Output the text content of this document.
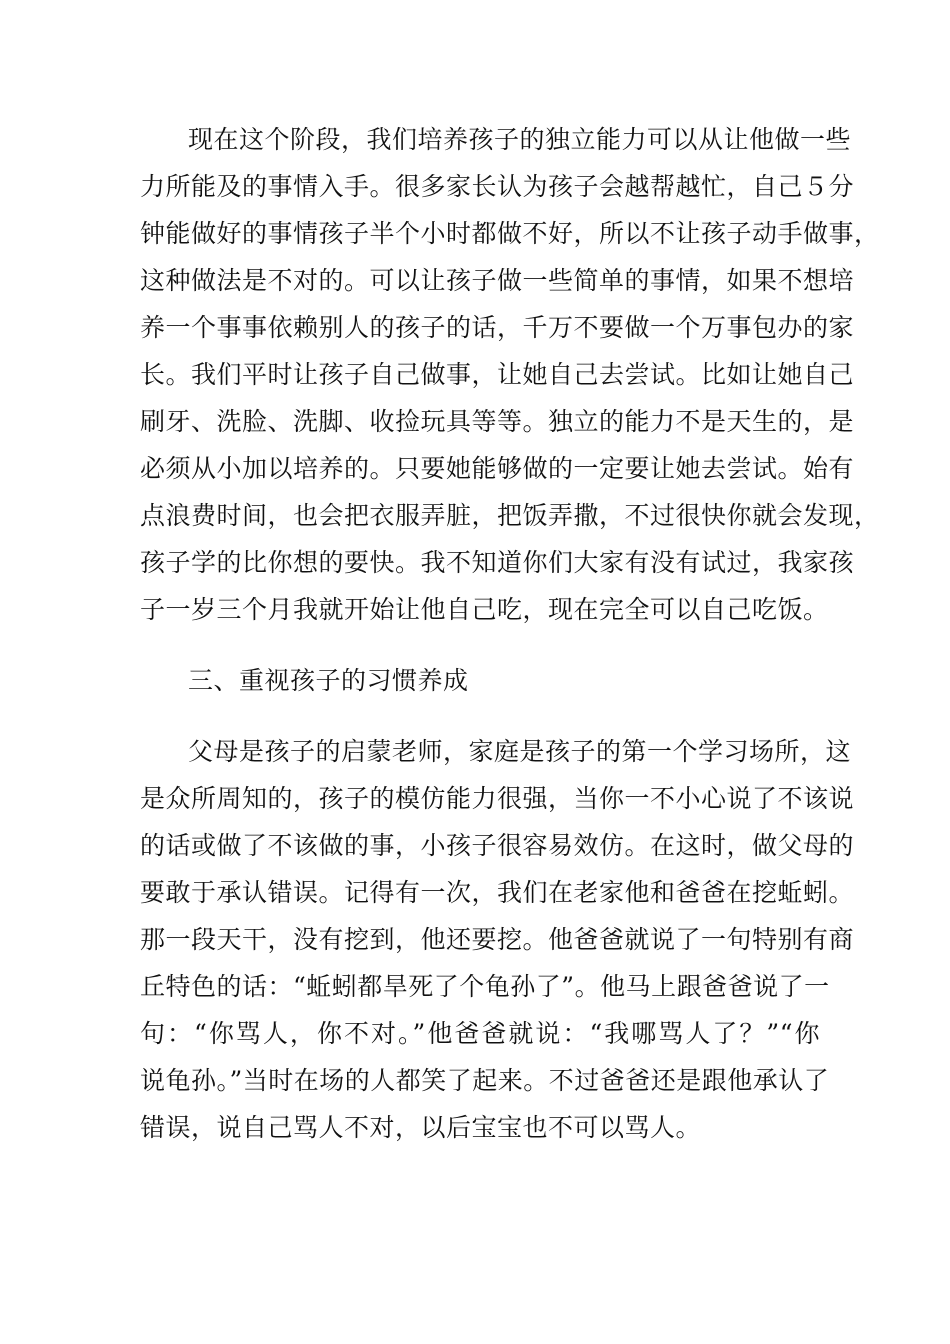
现在这个阶段，我们培养孩子的独立能力可以从让他做一些
力所能及的事情入手。很多家长认为孩子会越帮越忙，自己５分
钟能做好的事情孩子半个小时都做不好，所以不让孩子动手做事，
这种做法是不对的。可以让孩子做一些简单的事情，如果不想培
养一个事事依赖别人的孩子的话，千万不要做一个万事包办的家
长。我们平时让孩子自己做事，让她自己去尝试。比如让她自己
刷牙、洗脸、洗脚、收捡玩具等等。独立的能力不是天生的，是
必须从小加以培养的。只要她能够做的一定要让她去尝试。始有
点浪费时间，也会把衣服弄脏，把饭弄撒，不过很快你就会发现，
孩子学的比你想的要快。我不知道你们大家有没有试过，我家孩
子一岁三个月我就开始让他自己吃，现在完全可以自己吃饭。
三、重视孩子的习惯养成
父母是孩子的启蒙老师，家庭是孩子的第一个学习场所，这
是众所周知的，孩子的模仿能力很强，当你一不小心说了不该说
的话或做了不该做的事，小孩子很容易效仿。在这时，做父母的
要敢于承认错误。记得有一次，我们在老家他和爸爸在挖蚯蚓。
那一段天干，没有挖到，他还要挖。他爸爸就说了一句特别有商
丘特色的话：“蚯蚓都旱死了个龟孙了”。他马上跟爸爸说了一
句：“你骂人，你不对。”他爸爸就说：“我哪骂人了？”“你
说龟孙。”当时在场的人都笑了起来。不过爸爸还是跟他承认了
错误，说自己骂人不对，以后宝宝也不可以骂人。
